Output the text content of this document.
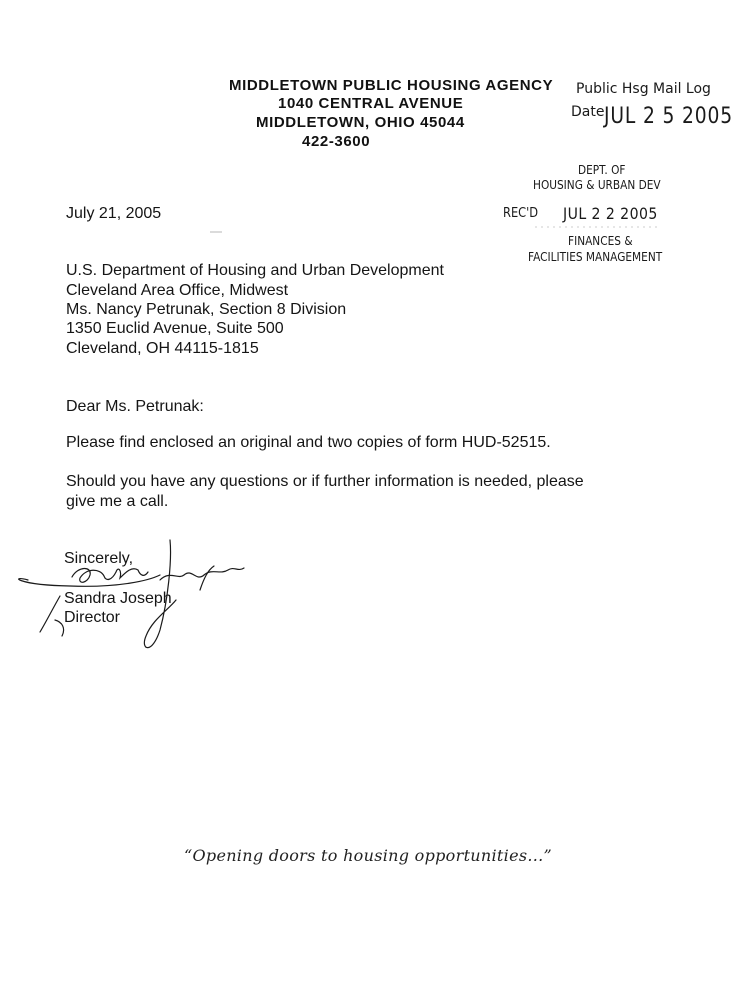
MIDDLETOWN PUBLIC HOUSING AGENCY
1040 CENTRAL AVENUE
MIDDLETOWN, OHIO 45044
422-3600
Public Hsg Mail Log
Date JUL 2 5 2005
DEPT. OF
HOUSING & URBAN DEV
REC'D JUL 2 2 2005
FINANCES &
FACILITIES MANAGEMENT
July 21, 2005
U.S. Department of Housing and Urban Development
Cleveland Area Office, Midwest
Ms. Nancy Petrunak, Section 8 Division
1350 Euclid Avenue, Suite 500
Cleveland, OH 44115-1815
Dear Ms. Petrunak:
Please find enclosed an original and two copies of form HUD-52515.
Should you have any questions or if further information is needed, please
give me a call.
Sincerely,
Sandra Joseph
Director
“Opening doors to housing opportunities...”
